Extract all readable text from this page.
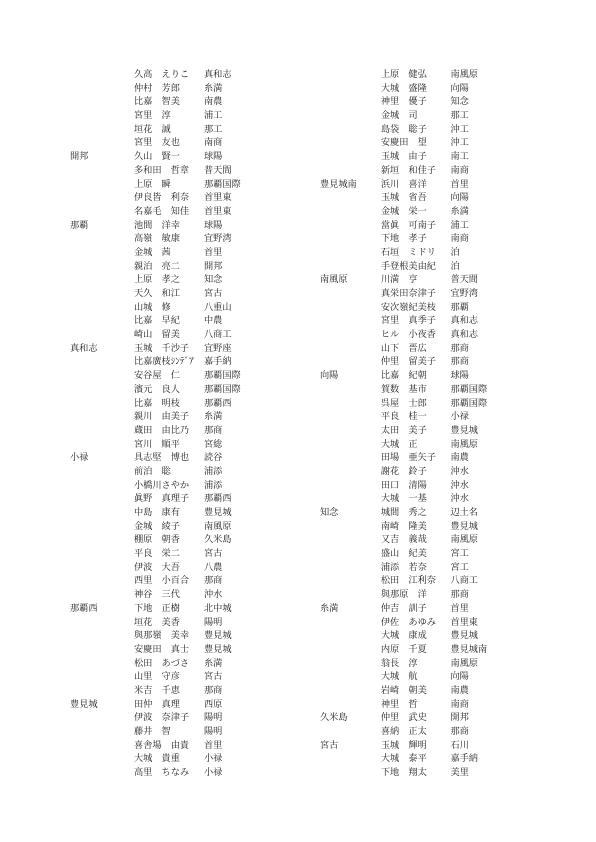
久高　えりこ	真和志
仲村　芳郎	糸満
比嘉　智美	南農
宮里　淳	浦工
垣花　誠	那工
宮里　友也	南商
開邦	久山　賢一	球陽
多和田　哲章	普天間
上原　瞬	那覇国際
伊良皆　利奈	首里東
名嘉毛　知佳	首里東
那覇	池間　洋幸	球陽
高嶺　敏康	宜野湾
金城　茜	首里
親泊　亮二	開邦
上原　孝之	知念
天久　和江	宮古
山城　修	八重山
比嘉　早紀	中農
崎山　留美	八商工
真和志	玉城　千沙子	宜野座
比嘉廣枝ｼﾝﾃﾞｱ	嘉手納
安谷屋　仁	那覇国際
濱元　良人	那覇国際
比嘉　明枝	那覇西
親川　由美子	糸満
蔵田　由比乃	那商
宮川　順平	宮総
小禄	具志堅　博也	読谷
前泊　聡	浦添
小橋川さやか	浦添
眞野　真理子	那覇西
中島　康有	豊見城
金城　綾子	南風原
棚原　朝香	久米島
平良　栄二	宮古
伊波　大吾	八農
西里　小百合	那商
神谷　三代	沖水
那覇西	下地　正樹	北中城
垣花　美香	陽明
與那嶺　美幸	豊見城
安慶田　真士	豊見城
松田　あづさ	糸満
山里　守彦	宮古
米吉　千恵	那商
豊見城	田仲　真理	西原
伊波　奈津子	陽明
藤井　智	陽明
喜舎場　由貴	首里
大城　貴重	小禄
高里　ちなみ	小禄
上原　健弘	南風原
大城　盛隆	向陽
神里　優子	知念
金城　司	那工
島袋　聡子	沖工
安慶田　望	沖工
玉城　由子	南工
新垣　和佳子	南商
豊見城南	浜川　喜洋	首里
玉城　省吾	向陽
金城　栄一	糸満
當眞　可南子	浦工
下地　孝子	南商
石垣　ミドリ	泊
手登根美由紀	泊
南風原	川満　亨	普天間
真栄田奈津子	宜野湾
安次嶺紀美枝	那覇
宮里　真季子	真和志
ヒル　小夜香	真和志
山下　晋広	那商
仲里　留美子	那商
向陽	比嘉　紀朝	球陽
賀数　基市	那覇国際
呉屋　士郎	那覇国際
平良　桂一	小禄
太田　美子	豊見城
大城　正	南風原
田場　亜矢子	南農
謝花　鈴子	沖水
田口　清陽	沖水
大城　一基	沖水
知念	城間　秀之	辺土名
南崎　隆美	豊見城
又吉　義哉	南風原
盛山　紀美	宮工
浦添　若奈	宮工
松田　江利奈	八商工
與那原　洋	那商
糸満	仲吉　訓子	首里
伊佐　あゆみ	首里東
大城　康成	豊見城
内原　千夏	豊見城南
翁長　淳	南風原
大城　航	向陽
岩崎　朝美	南農
神里　哲	南商
久米島	仲里　武史	開邦
喜納　正太	那商
宮古	玉城　輝明	石川
大城　泰平	嘉手納
下地　翔太	美里
